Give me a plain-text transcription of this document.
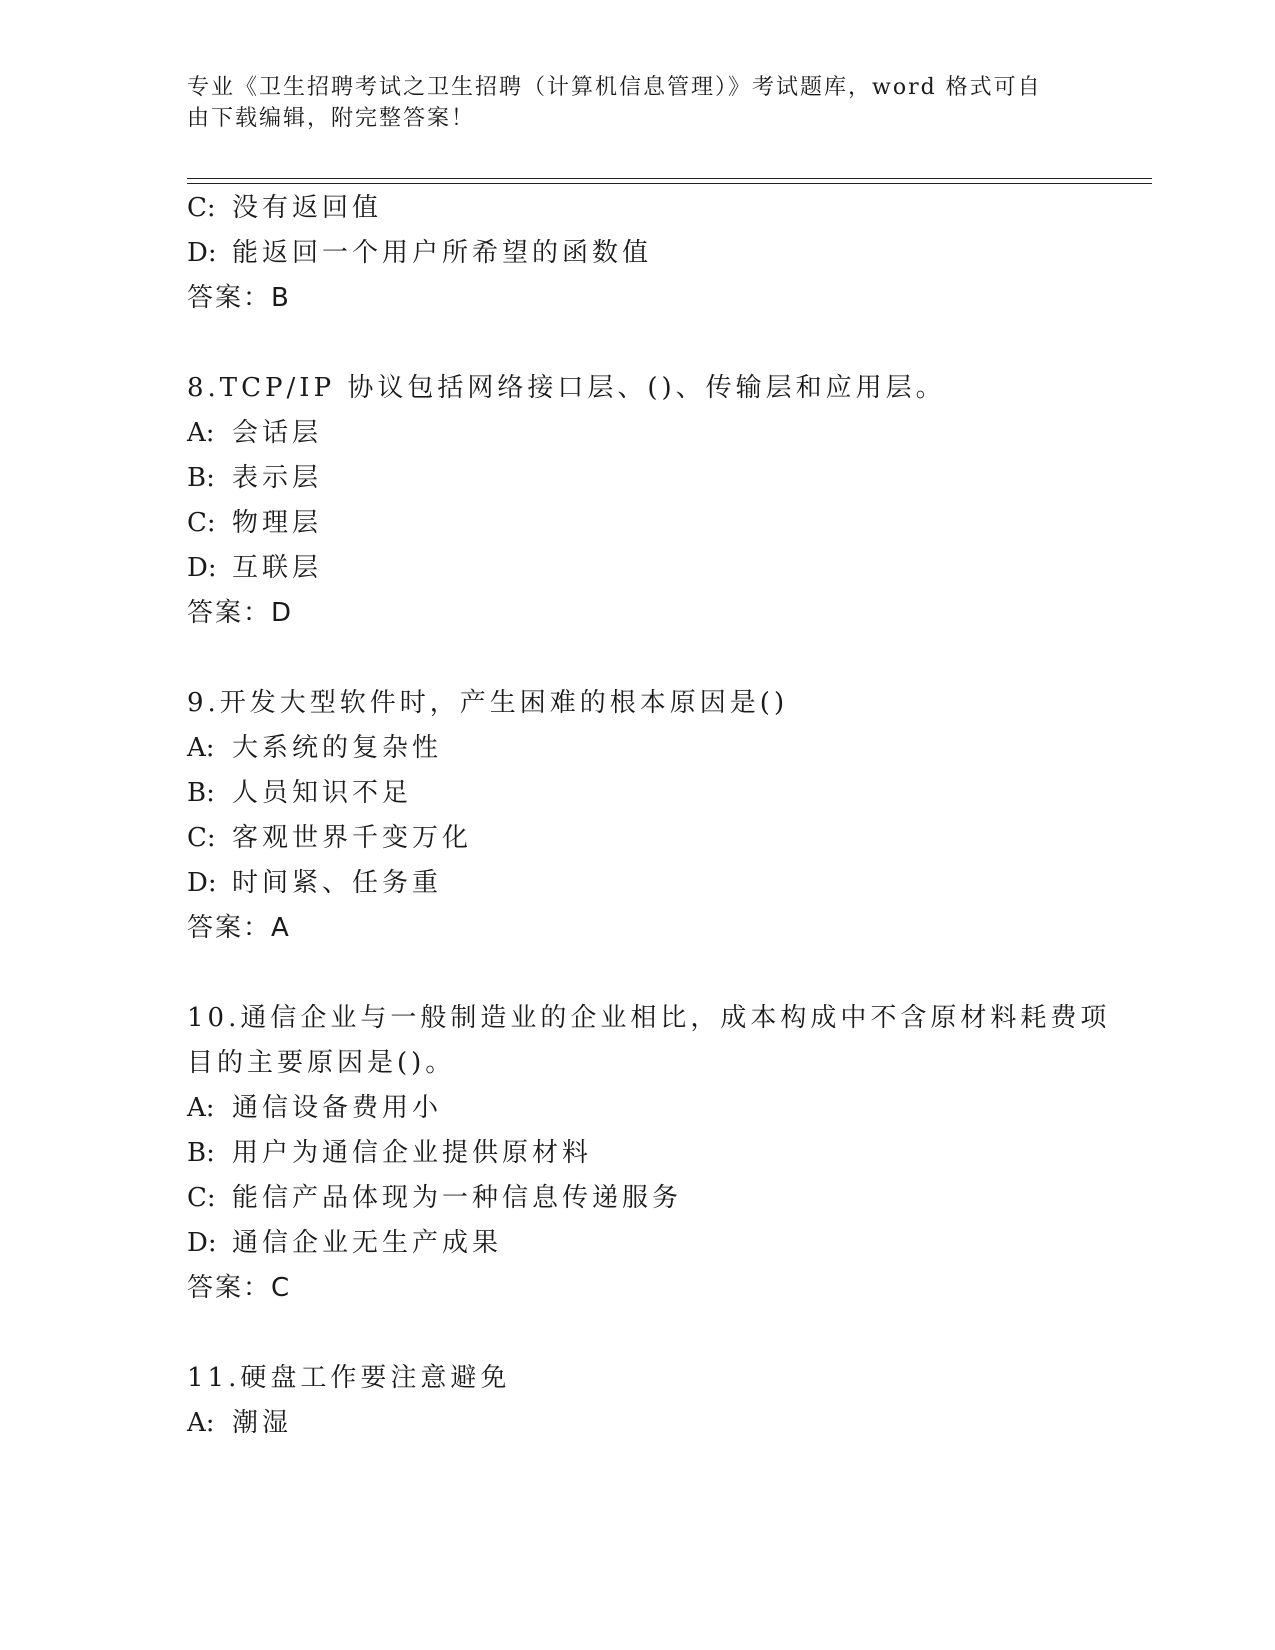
专业《卫生招聘考试之卫生招聘（计算机信息管理）》考试题库，word 格式可自
由下载编辑，附完整答案！
C: 没有返回值
D: 能返回一个用户所希望的函数值
答案：B
8.TCP/IP 协议包括网络接口层、()、传输层和应用层。
A: 会话层
B: 表示层
C: 物理层
D: 互联层
答案：D
9.开发大型软件时，产生困难的根本原因是()
A: 大系统的复杂性
B: 人员知识不足
C: 客观世界千变万化
D: 时间紧、任务重
答案：A
10.通信企业与一般制造业的企业相比，成本构成中不含原材料耗费项
目的主要原因是()。
A: 通信设备费用小
B: 用户为通信企业提供原材料
C: 能信产品体现为一种信息传递服务
D: 通信企业无生产成果
答案：C
11.硬盘工作要注意避免
A: 潮湿
